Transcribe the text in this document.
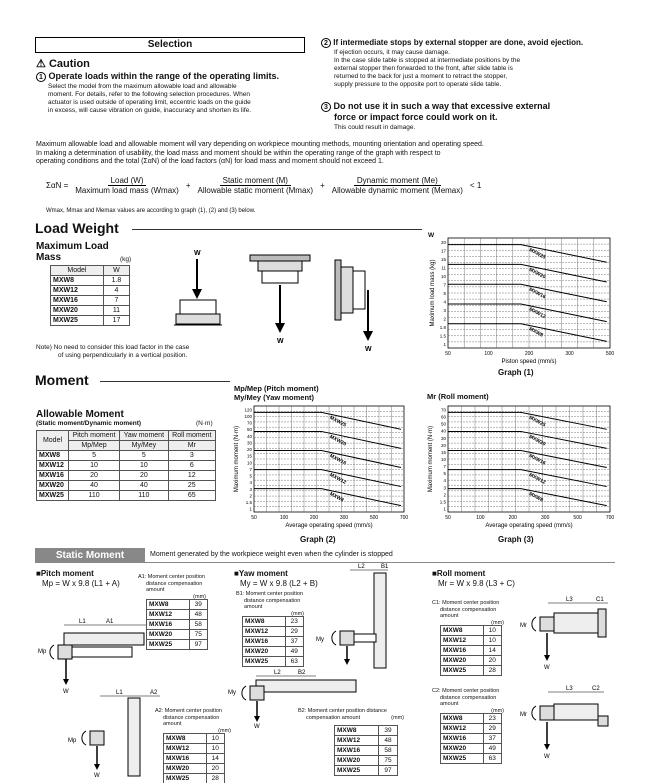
Selection
⚠ Caution
1 Operate loads within the range of the operating limits.
Select the model from the maximum allowable load and allowable
moment. For details, refer to the following selection procedures. When
actuator is used outside of operating limit, eccentric loads on the guide
in excess, will cause vibration on guide, inaccuracy and shorten its life.
2 If intermediate stops by external stopper are done, avoid ejection.
If ejection occurs, it may cause damage.
In the case slide table is stopped at intermediate positions by the
external stopper then forwarded to the front, after slide table is
returned to the back for just a moment to retract the stopper,
supply pressure to the opposite port to operate slide table.
3 Do not use it in such a way that excessive external
force or impact force could work on it.
This could result in damage.
Maximum allowable load and allowable moment will vary depending on workpiece mounting methods, mounting orientation and operating speed.
In making a determination of usability, the load mass and moment should be within the operating range of the graph with respect to
operating conditions and the total (ΣαN) of the load factors (αN) for load mass and moment should not exceed 1.
$\Sigma\alpha N = \frac{\text{Load (W)}}{\text{Maximum load mass (Wmax)}} + \frac{\text{Static moment (M)}}{\text{Allowable static moment (Mmax)}} + \frac{\text{Dynamic moment (Me)}}{\text{Allowable dynamic moment (Memax)}} < 1$
Wmax, Mmax and Memax values are according to graph (1), (2) and (3) below.
Load Weight
Maximum Load
Mass	(kg)
Model	W
MXW8	1.8
MXW12	4
MXW16	7
MXW20	11
MXW25	17
Note) No need to consider this load factor in the case
of using perpendicularly in a vertical position.
W
W
W
W
20
17
15
11
10
7
5
4
3
2
1.8
1.5
1
50	100	200	300	500
Piston speed (mm/s)
Maximum load mass (kg)
MXW25
MXW20
MXW16
MXW12
MXW8
Graph (1)
Moment
Allowable Moment
(Static moment/Dynamic moment)	(N·m)
Model	Pitch moment	Yaw moment	Roll moment
	Mp/Mep	My/Mey	Mr
MXW8	5	5	3
MXW12	10	10	6
MXW16	20	20	12
MXW20	40	40	25
MXW25	110	110	65
Mp/Mep (Pitch moment)
My/Mey (Yaw moment)
120
100
70
50
40
30
20
15
10
7
5
4
3
2
1.5
1
50	100	200	300	500	700
Average operating speed (mm/s)
Maximum moment (N·m)
MXW25
MXW20
MXW16
MXW12
MXW8
Graph (2)
Mr (Roll moment)
70
60
50
40
30
20
15
10
7
5
4
3
2
1.5
1
50	100	200	300	500	700
Average operating speed (mm/s)
Maximum moment (N·m)
MXW25
MXW20
MXW16
MXW12
MXW8
Graph (3)
Static Moment	Moment generated by the workpiece weight even when the cylinder is stopped
■Pitch moment
Mp = W x 9.8 (L1 + A)
A1: Moment center position
distance compensation
amount
(mm)
MXW8	39
MXW12	48
MXW16	58
MXW20	75
MXW25	97
L1	A1
Mp
W	L1	A2
Mp
W
A2: Moment center position
distance compensation
amount
(mm)
MXW8	10
MXW12	10
MXW16	14
MXW20	20
MXW25	28
■Yaw moment
My = W x 9.8 (L2 + B)
B1: Moment center position
distance compensation
amount
(mm)
MXW8	23
MXW12	29
MXW16	37
MXW20	49
MXW25	63
L2	B1
My
L2	B2
My
W
B2: Moment center position distance
compensation amount	(mm)
MXW8	39
MXW12	48
MXW16	58
MXW20	75
MXW25	97
■Roll moment
Mr = W x 9.8 (L3 + C)
C1: Moment center position
distance compensation
amount
(mm)
MXW8	10
MXW12	10
MXW16	14
MXW20	20
MXW25	28
L3	C1
Mr
W
C2: Moment center position
distance compensation
amount
(mm)
MXW8	23
MXW12	29
MXW16	37
MXW20	49
MXW25	63
L3	C2
Mr
W
